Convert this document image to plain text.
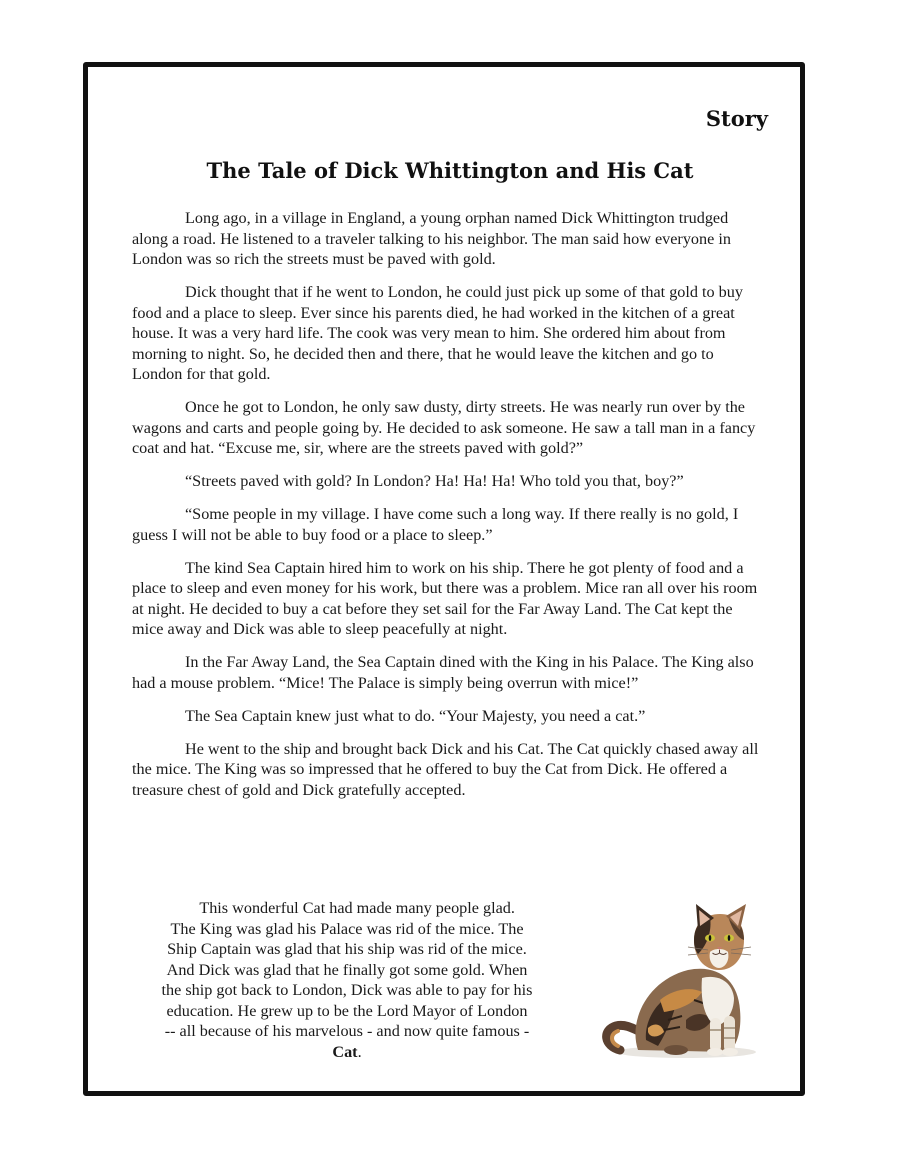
Story
The Tale of Dick Whittington and His Cat

Long ago, in a village in England, a young orphan named Dick Whittington trudged along a road. He listened to a traveler talking to his neighbor. The man said how everyone in London was so rich the streets must be paved with gold.

Dick thought that if he went to London, he could just pick up some of that gold to buy food and a place to sleep. Ever since his parents died, he had worked in the kitchen of a great house. It was a very hard life. The cook was very mean to him. She ordered him about from morning to night. So, he decided then and there, that he would leave the kitchen and go to London for that gold.

Once he got to London, he only saw dusty, dirty streets. He was nearly run over by the wagons and carts and people going by. He decided to ask someone. He saw a tall man in a fancy coat and hat. “Excuse me, sir, where are the streets paved with gold?”

“Streets paved with gold? In London? Ha! Ha! Ha! Who told you that, boy?”

“Some people in my village. I have come such a long way. If there really is no gold, I guess I will not be able to buy food or a place to sleep.”

The kind Sea Captain hired him to work on his ship. There he got plenty of food and a place to sleep and even money for his work, but there was a problem. Mice ran all over his room at night. He decided to buy a cat before they set sail for the Far Away Land. The Cat kept the mice away and Dick was able to sleep peacefully at night.

In the Far Away Land, the Sea Captain dined with the King in his Palace. The King also had a mouse problem. “Mice! The Palace is simply being overrun with mice!”

The Sea Captain knew just what to do. “Your Majesty, you need a cat.”

He went to the ship and brought back Dick and his Cat. The Cat quickly chased away all the mice. The King was so impressed that he offered to buy the Cat from Dick. He offered a treasure chest of gold and Dick gratefully accepted.

This wonderful Cat had made many people glad.
The King was glad his Palace was rid of the mice. The
Ship Captain was glad that his ship was rid of the mice.
And Dick was glad that he finally got some gold. When
the ship got back to London, Dick was able to pay for his
education. He grew up to be the Lord Mayor of London
-- all because of his marvelous - and now quite famous -
Cat.
